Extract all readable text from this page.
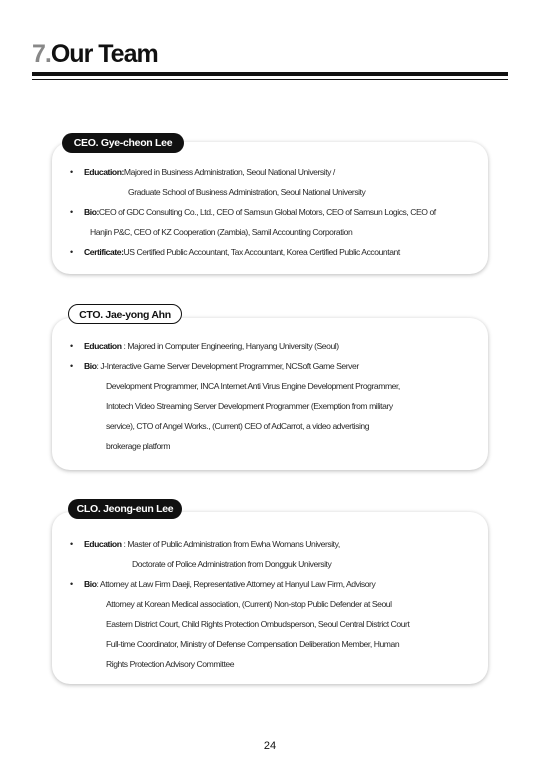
7.Our Team
CEO. Gye-cheon Lee
• Education:Majored in Business Administration, Seoul National University /
Graduate School of Business Administration, Seoul National University
• Bio:CEO of GDC Consulting Co., Ltd., CEO of Samsun Global Motors, CEO of Samsun Logics, CEO of
Hanjin P&C, CEO of KZ Cooperation (Zambia), Samil Accounting Corporation
• Certificate:US Certified Public Accountant, Tax Accountant, Korea Certified Public Accountant
CTO. Jae-yong Ahn
• Education : Majored in Computer Engineering, Hanyang University (Seoul)
• Bio: J-Interactive Game Server Development Programmer, NCSoft Game Server
Development Programmer, INCA Internet Anti Virus Engine Development Programmer,
Intotech Video Streaming Server Development Programmer (Exemption from military
service), CTO of Angel Works., (Current) CEO of AdCarrot, a video advertising
brokerage platform
CLO. Jeong-eun Lee
• Education : Master of Public Administration from Ewha Womans University,
Doctorate of Police Administration from Dongguk University
• Bio: Attorney at Law Firm Daeji, Representative Attorney at Hanyul Law Firm, Advisory
Attorney at Korean Medical association, (Current) Non-stop Public Defender at Seoul
Eastern District Court, Child Rights Protection Ombudsperson, Seoul Central District Court
Full-time Coordinator, Ministry of Defense Compensation Deliberation Member, Human
Rights Protection Advisory Committee
24
